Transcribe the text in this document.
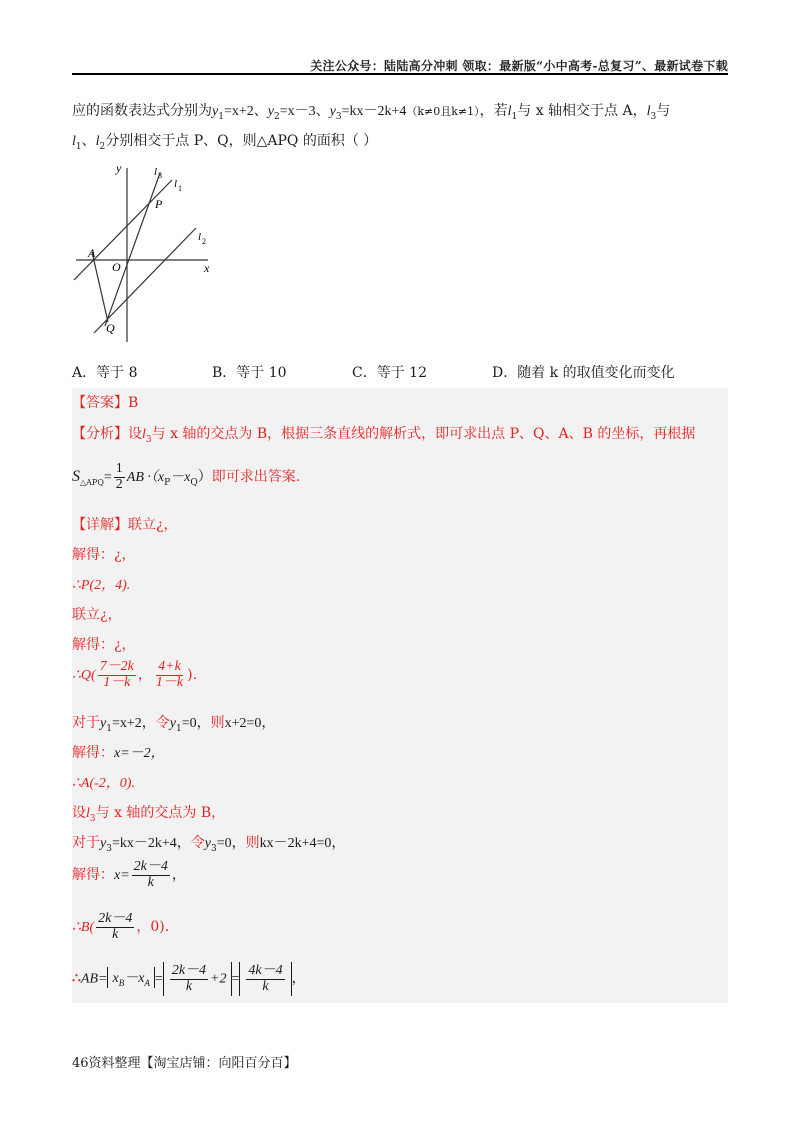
关注公众号：陆陆高分冲刺 领取：最新版“小中高考-总复习”、最新试卷下载
应的函数表达式分别为$y_1=x+2$、$y_2=x-3$、$y_3=kx-2k+4(k\ne 0$且k≠1），若$l_1$与 x 轴相交于点 A，$l_3$与
$l_1$、$l_2$分别相交于点 P、Q，则△APQ 的面积（ ）
y
x
O
A
P
Q
l 3
l 1
l 2
A．等于 8	B．等于 10	C．等于 12	D．随着 k 的取值变化而变化
【答案】B
【分析】设$l_3$与 x 轴的交点为 B，根据三条直线的解析式，即可求出点 P、Q、A、B 的坐标，再根据
$S_{\triangle APQ}= \frac{1}{2}$ AB $\cdot(x_P-x_Q)$即可求出答案.
【详解】联立¿，
解得：¿，
∴P(2，4).
联立¿，
解得：¿，
∴Q( $\frac{7-2k}{1-k}$ ， $\frac{4+k}{1-k}$ ).
对于$y_1=x+2$，令$y_1=0$，则x+2=0，
解得：x=－2，
∴A(-2，0).
设$l_3$与 x 轴的交点为 B，
对于$y_3=kx-2k+4$，令$y_3=0$，则kx－2k+4=0，
解得：$x= \frac{2k-4}{k}$ ，
∴B( $\frac{2k-4}{k}$ ，0).
∴AB= $x_B-x_A = \frac{2k-4}{k} +2 = \frac{4k-4}{k}$ ，
46资料整理【淘宝店铺：向阳百分百】
